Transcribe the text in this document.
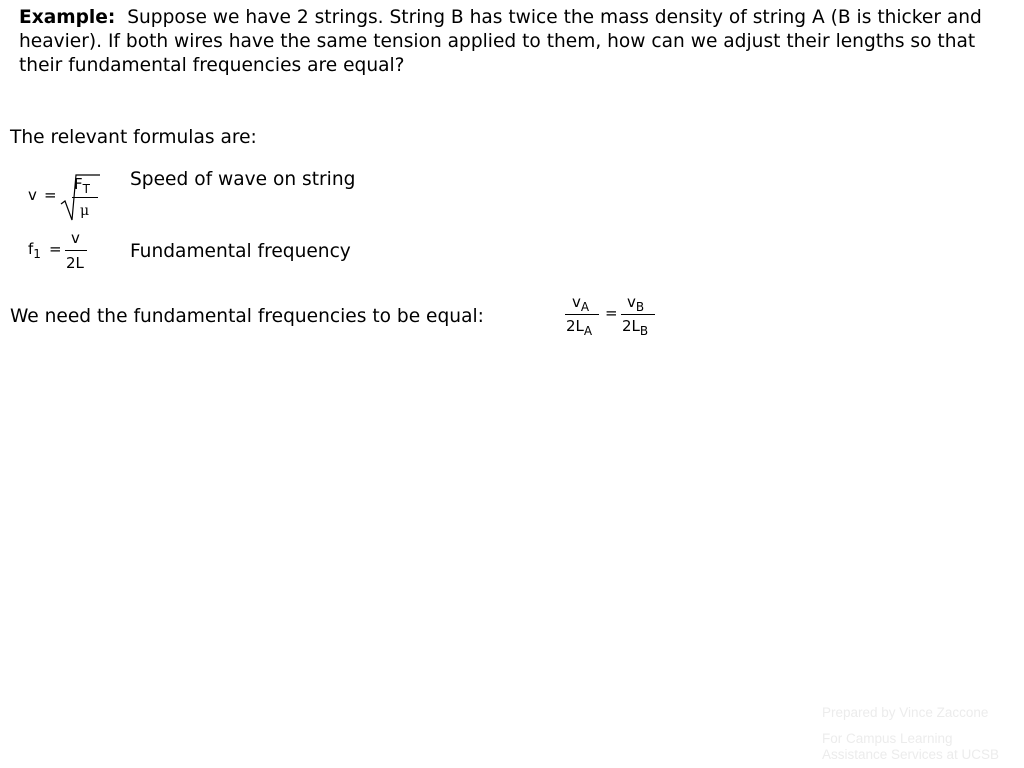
Example: Suppose we have 2 strings. String B has twice the mass density of string A (B is thicker and heavier). If both wires have the same tension applied to them, how can we adjust their lengths so that their fundamental frequencies are equal?
The relevant formulas are:
v =
$F_T$
μ
Speed of wave on string
$f_1$ =
v
2L
Fundamental frequency
We need the fundamental frequencies to be equal:
$v_A$
$2L_A$
=
$v_B$
$2L_B$
Prepared by Vince Zaccone
For Campus Learning
Assistance Services at UCSB
